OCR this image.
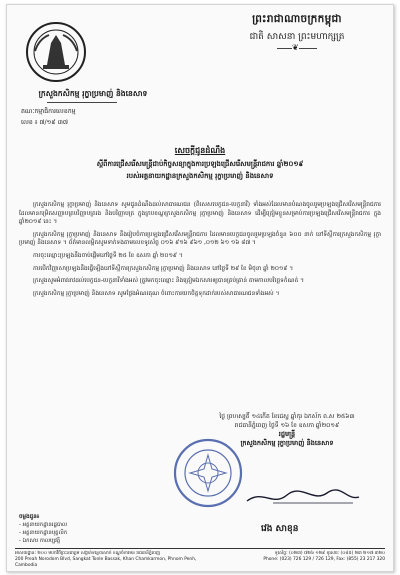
ព្រះរាជាណាចក្រកម្ពុជា
ជាតិ សាសនា ព្រះមហាក្សត្រ
❦
ក្រសួងកសិកម្ម រុក្ខាប្រមាញ់ និងនេសាទ
គណៈកម្មាធិការលេខកម្ម
លេខ ៖ ៧/១៩ ៣៧
សេចក្តីជូនដំណឹង
ស្តីពីការជ្រើសរើសមន្ត្រីជាប់កិច្ចសន្យាក្នុងការប្រឡងជ្រើសរើសមន្ត្រីរាជការ ឆ្នាំ២០១៩
របស់អគ្គនាយកដ្ឋានក្រសួងកសិកម្ម រុក្ខាប្រមាញ់ និងនេសាទ

ក្រសួងកសិកម្ម រុក្ខាប្រមាញ់ និងនេសាទ សូមជូនដំណឹងដល់សាធារណជន (ពិសេសបេក្ខជន-បេក្ខនារី) ទាំងអស់ដែលមានបំណងចូលរួមប្រឡងជ្រើសរើសមន្ត្រីរាជការ ដែលមានកម្រិតសញ្ញាបត្របរិញ្ញាបត្ររង និងបរិញ្ញាបត្រ ក្នុងក្របខណ្ឌក្រសួងកសិកម្ម រុក្ខាប្រមាញ់ និងនេសាទ ដើម្បីត្រៀមខ្លួនសម្រាប់ការប្រឡងជ្រើសរើសមន្ត្រីរាជការ ក្នុងឆ្នាំ២០១៩ នេះ ។

ក្រសួងកសិកម្ម រុក្ខាប្រមាញ់ និងនេសាទ នឹងរៀបចំការប្រឡងជ្រើសរើសមន្ត្រីរាជការ ដែលមានបេក្ខជនចូលរួមប្រឡងចំនួន ៦០០ នាក់ នៅទីស្តីការក្រសួងកសិកម្ម រុក្ខាប្រមាញ់ និងនេសាទ ។ ព័ត៌មានលម្អិតសូមទាក់ទងតាមលេខទូរស័ព្ទ ០១៦ ៩១៦ ៩៦១ ,០១២ ៦១ ១៦ ៨៧ ។

ការចុះឈ្មោះប្រឡងនឹងចាប់ផ្តើមនៅថ្ងៃទី ២៥ ខែ ឧសភា ឆ្នាំ ២០១៩ ។

ការបើកវិញ្ញាសាប្រឡងនឹងធ្វើឡើងនៅទីស្តីការក្រសួងកសិកម្ម រុក្ខាប្រមាញ់ និងនេសាទ នៅថ្ងៃទី ២៩ ខែ មិថុនា ឆ្នាំ ២០១៩ ។

ក្រសួងសូមអំពាវនាវដល់បេក្ខជន-បេក្ខនារីទាំងអស់ ត្រូវមកចុះឈ្មោះ និងត្រៀមឯកសារឲ្យបានគ្រប់គ្រាន់ តាមកាលបរិច្ឆេទកំណត់ ។

ក្រសួងកសិកម្ម រុក្ខាប្រមាញ់ និងនេសាទ សូមថ្លែងអំណរគុណ ចំពោះការយកចិត្តទុកដាក់របស់សាធារណជនទាំងអស់ ។

ថ្ងៃ ព្រហស្បតិ៍ ១៤កើត ខែជេស្ឋ ឆ្នាំកុរ ឯកស័ក ព.ស ២៥៦៣
រាជធានីភ្នំពេញ ថ្ងៃទី ១៦ ខែ ឧសភា ឆ្នាំ២០១៩
រដ្ឋមន្ត្រី
ក្រសួងកសិកម្ម រុក្ខាប្រមាញ់ និងនេសាទ
វេង សាខុន
ចម្លងជូន៖
- អគ្គនាយកដ្ឋានរដ្ឋបាល
- អគ្គនាយកដ្ឋានបុគ្គលិក
- ឯកសារ កាលប្បវត្តិ
អាសយដ្ឋាន: ២០០ មហាវិថីព្រះនរោត្តម សង្កាត់ទន្លេបាសាក់ ខណ្ឌចំការមន រាជធានីភ្នំពេញ
200 Preah Norodom Blvd, Sangkat Tonle Bassak, Khan Chamkarmon, Phnom Penh, Cambodia
ទូរស័ព្ទ: (០២៣) ៧២៦ ១២៩ ទូរសារ: (០៨៥) ២៣ ២១៧ ៣២០
Phone: (023) 726 129 / 726 129, Fax: (855) 23 217 320
